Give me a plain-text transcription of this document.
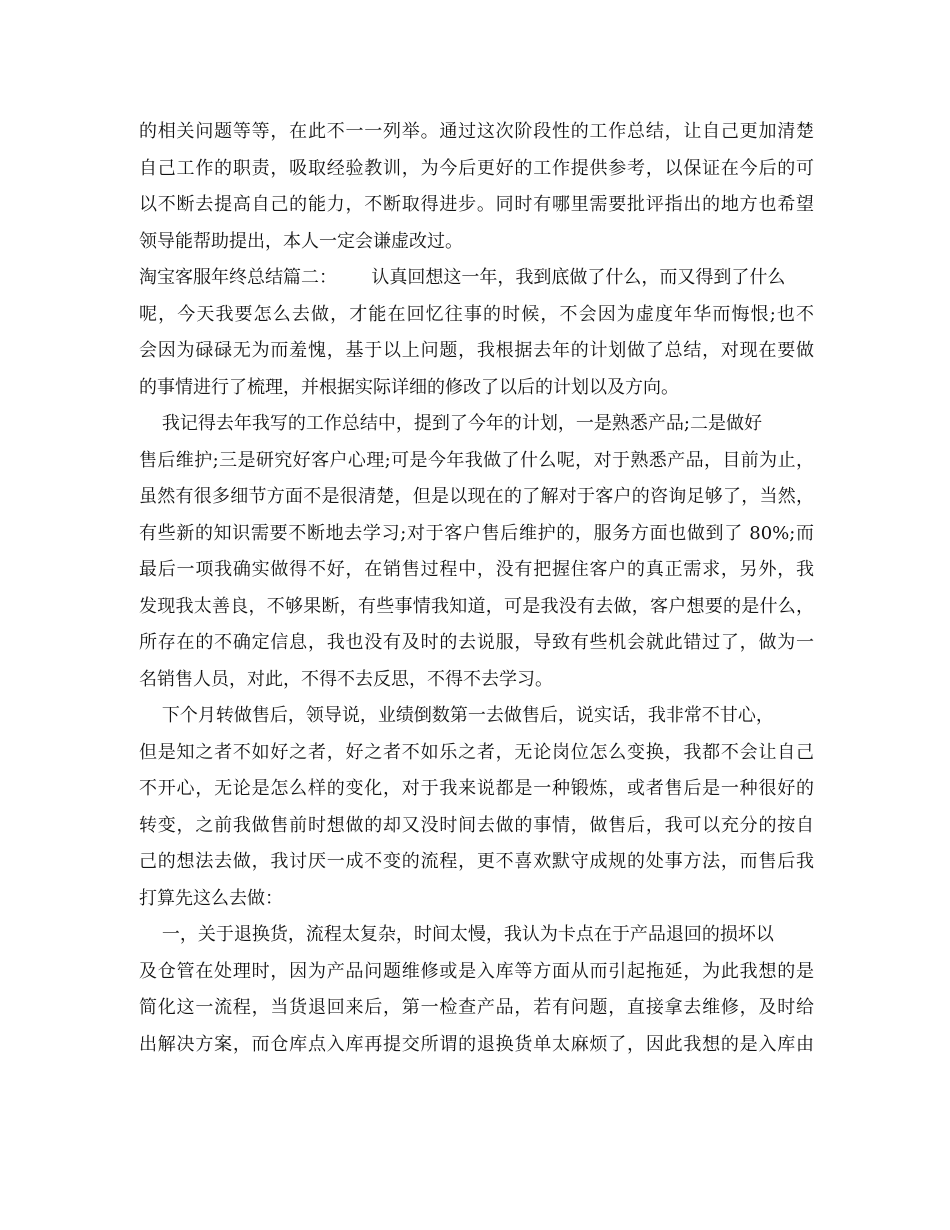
的相关问题等等，在此不一一列举。通过这次阶段性的工作总结，让自己更加清楚
自己工作的职责，吸取经验教训，为今后更好的工作提供参考，以保证在今后的可
以不断去提高自己的能力，不断取得进步。同时有哪里需要批评指出的地方也希望
领导能帮助提出，本人一定会谦虚改过。
淘宝客服年终总结篇二：      认真回想这一年，我到底做了什么，而又得到了什么
呢，今天我要怎么去做，才能在回忆往事的时候，不会因为虚度年华而悔恨;也不
会因为碌碌无为而羞愧，基于以上问题，我根据去年的计划做了总结，对现在要做
的事情进行了梳理，并根据实际详细的修改了以后的计划以及方向。
我记得去年我写的工作总结中，提到了今年的计划，一是熟悉产品;二是做好
售后维护;三是研究好客户心理;可是今年我做了什么呢，对于熟悉产品，目前为止，
虽然有很多细节方面不是很清楚，但是以现在的了解对于客户的咨询足够了，当然，
有些新的知识需要不断地去学习;对于客户售后维护的，服务方面也做到了 80%;而
最后一项我确实做得不好，在销售过程中，没有把握住客户的真正需求，另外，我
发现我太善良，不够果断，有些事情我知道，可是我没有去做，客户想要的是什么，
所存在的不确定信息，我也没有及时的去说服，导致有些机会就此错过了，做为一
名销售人员，对此，不得不去反思，不得不去学习。
下个月转做售后，领导说，业绩倒数第一去做售后，说实话，我非常不甘心，
但是知之者不如好之者，好之者不如乐之者，无论岗位怎么变换，我都不会让自己
不开心，无论是怎么样的变化，对于我来说都是一种锻炼，或者售后是一种很好的
转变，之前我做售前时想做的却又没时间去做的事情，做售后，我可以充分的按自
己的想法去做，我讨厌一成不变的流程，更不喜欢默守成规的处事方法，而售后我
打算先这么去做：
一，关于退换货，流程太复杂，时间太慢，我认为卡点在于产品退回的损坏以
及仓管在处理时，因为产品问题维修或是入库等方面从而引起拖延，为此我想的是
简化这一流程，当货退回来后，第一检查产品，若有问题，直接拿去维修，及时给
出解决方案，而仓库点入库再提交所谓的退换货单太麻烦了，因此我想的是入库由
